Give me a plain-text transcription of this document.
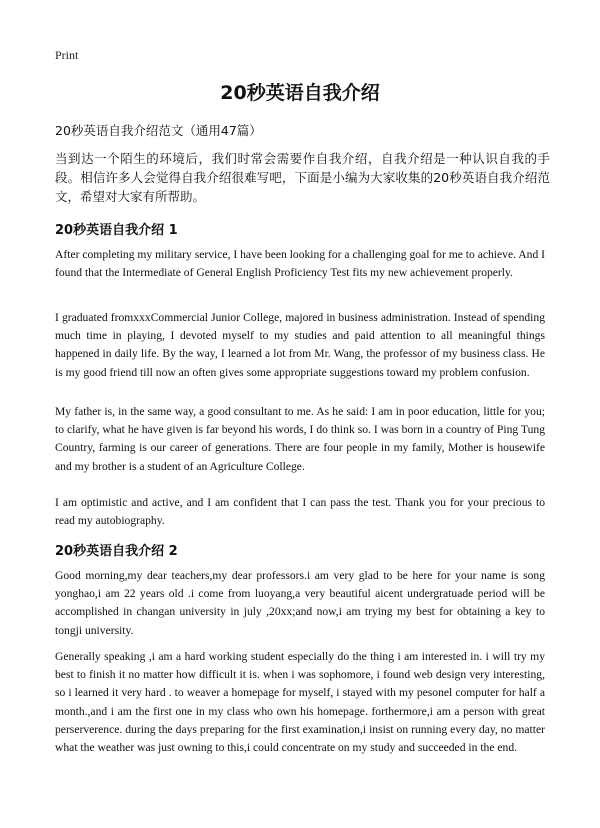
Print
20秒英语自我介绍
20秒英语自我介绍范文（通用47篇）
当到达一个陌生的环境后，我们时常会需要作自我介绍，自我介绍是一种认识自我的手段。相信许多人会觉得自我介绍很难写吧，下面是小编为大家收集的20秒英语自我介绍范文，希望对大家有所帮助。
20秒英语自我介绍 1
After completing my military service, I have been looking for a challenging goal for me to achieve. And I found that the Intermediate of General English Proficiency Test fits my new achievement properly.
I graduated fromxxxCommercial Junior College, majored in business administration. Instead of spending much time in playing, I devoted myself to my studies and paid attention to all meaningful things happened in daily life. By the way, I learned a lot from Mr. Wang, the professor of my business class. He is my good friend till now an often gives some appropriate suggestions toward my problem confusion.
My father is, in the same way, a good consultant to me. As he said: I am in poor education, little for you; to clarify, what he have given is far beyond his words, I do think so. I was born in a country of Ping Tung Country, farming is our career of generations. There are four people in my family, Mother is housewife and my brother is a student of an Agriculture College.
I am optimistic and active, and I am confident that I can pass the test. Thank you for your precious to read my autobiography.
20秒英语自我介绍 2
Good morning,my dear teachers,my dear professors.i am very glad to be here for your name is song yonghao,i am 22 years old .i come from luoyang,a very beautiful aicent undergratuade period will be accomplished in changan university in july ,20xx;and now,i am trying my best for obtaining a key to tongji university.
Generally speaking ,i am a hard working student especially do the thing i am interested in. i will try my best to finish it no matter how difficult it is. when i was sophomore, i found web design very interesting, so i learned it very hard . to weaver a homepage for myself, i stayed with my pesonel computer for half a month.,and i am the first one in my class who own his homepage. forthermore,i am a person with great perserverence. during the days preparing for the first examination,i insist on running every day, no matter what the weather was just owning to this,i could concentrate on my study and succeeded in the end.
